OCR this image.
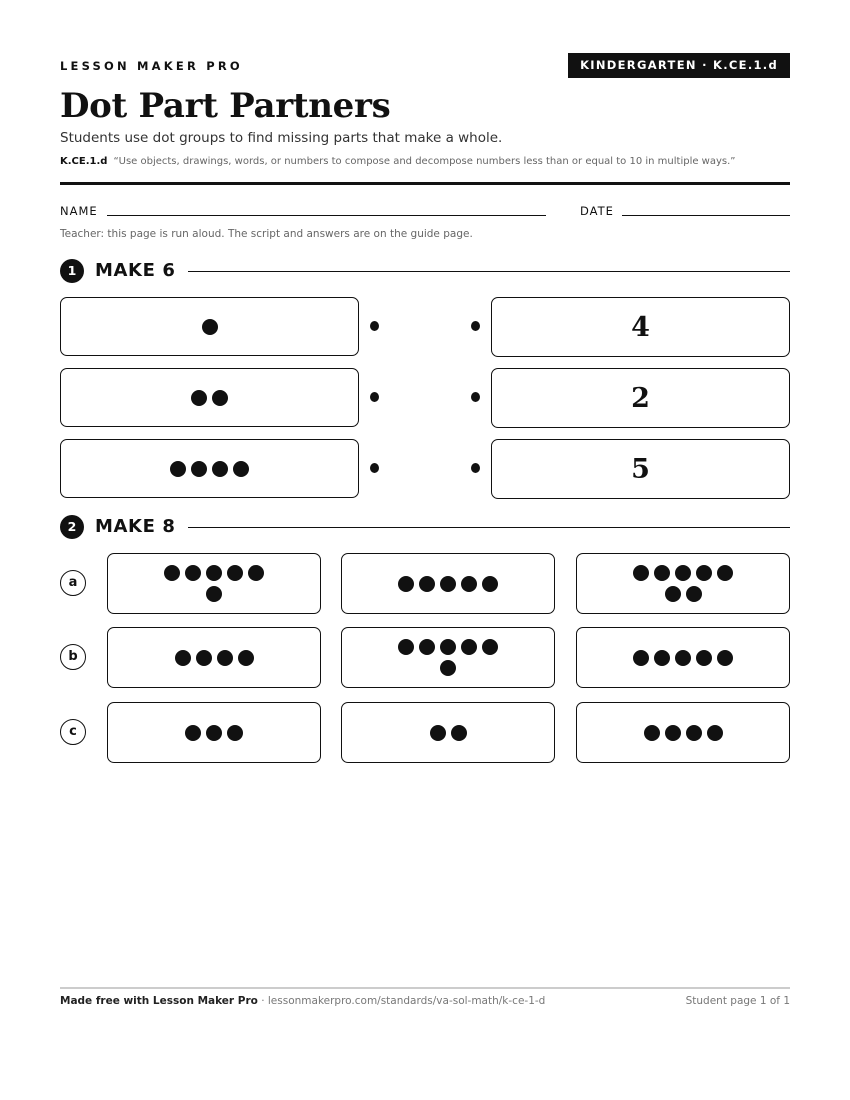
LESSON MAKER PRO	KINDERGARTEN · K.CE.1.d
Dot Part Partners
Students use dot groups to find missing parts that make a whole.
K.CE.1.d “Use objects, drawings, words, or numbers to compose and decompose numbers less than or equal to 10 in multiple ways.”
NAME	DATE
Teacher: this page is run aloud. The script and answers are on the guide page.
1	MAKE 6
4
2
5
2	MAKE 8
a
b
c
Made free with Lesson Maker Pro · lessonmakerpro.com/standards/va-sol-math/k-ce-1-d	Student page 1 of 1
